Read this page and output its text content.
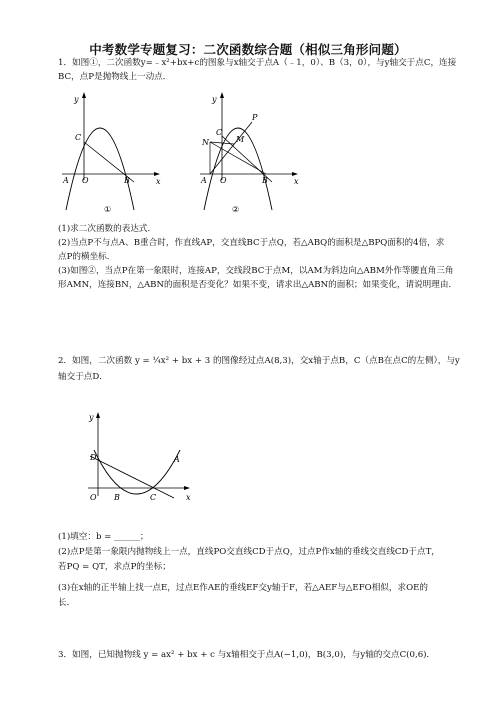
中考数学专题复习：二次函数综合题（相似三角形问题）
1．如图①，二次函数y=﹣x²+bx+c的图象与x轴交于点A（﹣1，0）、B（3，0），与y轴交于点C，连接
BC，点P是抛物线上一动点．
y
x
C
A O	B
①
y
x
P
C
M
N
A O	B
②
(1)求二次函数的表达式．
(2)当点P不与点A、B重合时，作直线AP，交直线BC于点Q，若△ABQ的面积是△BPQ面积的4倍，求
点P的横坐标．
(3)如图②，当点P在第一象限时，连接AP，交线段BC于点M，以AM为斜边向△ABM外作等腰直角三角
形AMN，连接BN，△ABN的面积是否变化？如果不变，请求出△ABN的面积；如果变化，请说明理由．
2．如图，二次函数 y = ¼x² + bx + 3 的图像经过点A(8,3)，交x轴于点B，C（点B在点C的左侧），与y
轴交于点D．
y
x
D	A
O B	C
(1)填空：b = ______；
(2)点P是第一象限内抛物线上一点，直线PO交直线CD于点Q，过点P作x轴的垂线交直线CD于点T，
若PQ = QT，求点P的坐标；
(3)在x轴的正半轴上找一点E，过点E作AE的垂线EF交y轴于F，若△AEF与△EFO相似，求OE的
长．
3．如图，已知抛物线 y = ax² + bx + c 与x轴相交于点A(−1,0)，B(3,0)，与y轴的交点C(0,6)．
